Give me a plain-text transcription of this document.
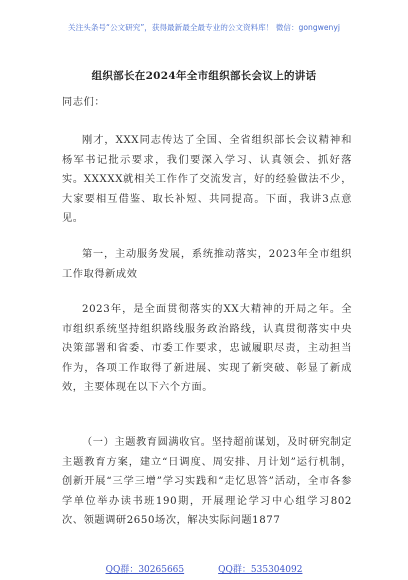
关注头条号“公文研究”，获得最新最全最专业的公文资料库！ 微信：gongwenyj
组织部长在2024年全市组织部长会议上的讲话
同志们：
刚才，XXX同志传达了全国、全省组织部长会议精神和杨军书记批示要求，我们要深入学习、认真领会、抓好落实。XXXXX就相关工作作了交流发言，好的经验做法不少，大家要相互借鉴、取长补短、共同提高。下面，我讲3点意见。
第一，主动服务发展，系统推动落实，2023年全市组织工作取得新成效
2023年，是全面贯彻落实的XX大精神的开局之年。全市组织系统坚持组织路线服务政治路线，认真贯彻落实中央决策部署和省委、市委工作要求，忠诚履职尽责，主动担当作为，各项工作取得了新进展、实现了新突破、彰显了新成效，主要体现在以下六个方面。
（一）主题教育圆满收官。坚持超前谋划，及时研究制定主题教育方案，建立“日调度、周安排、月计划”运行机制，创新开展“三学三增”学习实践和“走忆思答”活动，全市各参学单位举办读书班190期，开展理论学习中心组学习802次、领题调研2650场次，解决实际问题1877
QQ群：30265665	QQ群：535304092
